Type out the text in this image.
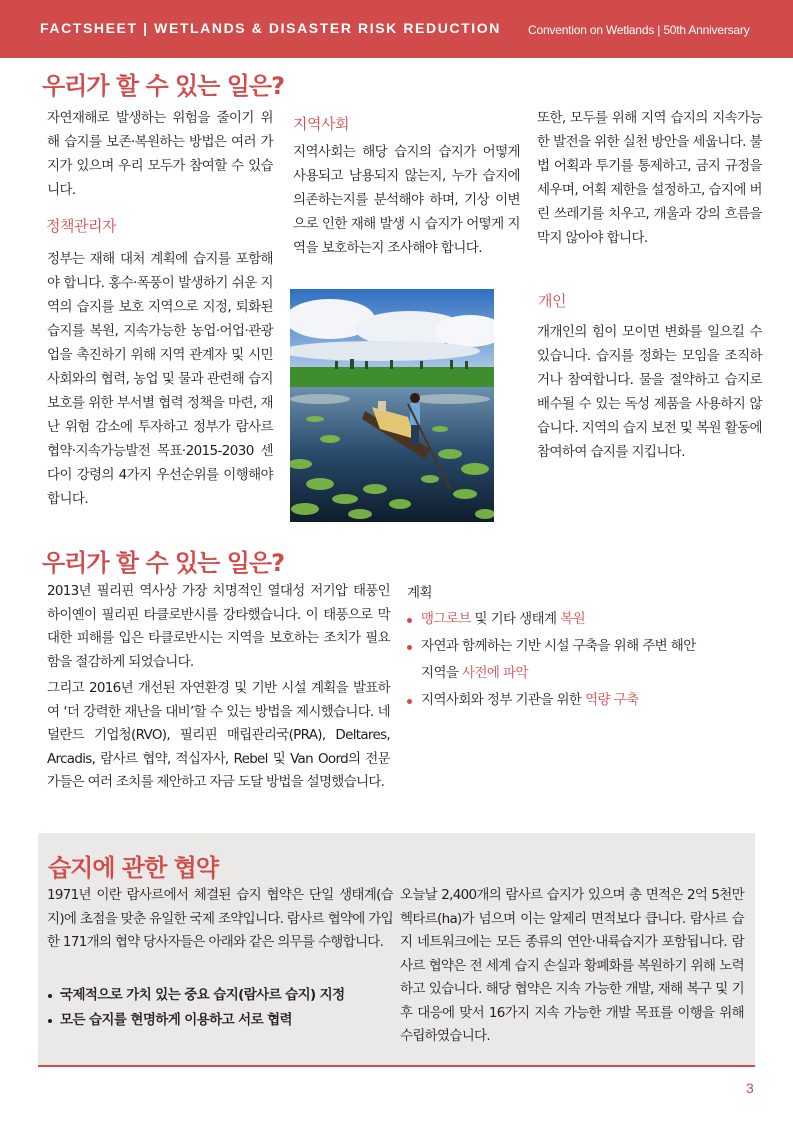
FACTSHEET | WETLANDS & DISASTER RISK REDUCTION Convention on Wetlands | 50th Anniversary
우리가 할 수 있는 일은?
자연재해로 발생하는 위험을 줄이기 위해 습지를 보존·복원하는 방법은 여러 가지가 있으며 우리 모두가 참여할 수 있습니다.
정책관리자
정부는 재해 대처 계획에 습지를 포함해야 합니다. 홍수·폭풍이 발생하기 쉬운 지역의 습지를 보호 지역으로 지정, 퇴화된 습지를 복원, 지속가능한 농업·어업·관광업을 촉진하기 위해 지역 관계자 및 시민 사회와의 협력, 농업 및 물과 관련해 습지 보호를 위한 부서별 협력 정책을 마련, 재난 위험 감소에 투자하고 정부가 람사르 협약·지속가능발전 목표·2015-2030 센다이 강령의 4가지 우선순위를 이행해야 합니다.
지역사회
지역사회는 해당 습지의 습지가 어떻게 사용되고 남용되지 않는지, 누가 습지에 의존하는지를 분석해야 하며, 기상 이변으로 인한 재해 발생 시 습지가 어떻게 지역을 보호하는지 조사해야 합니다.
또한, 모두를 위해 지역 습지의 지속가능한 발전을 위한 실천 방안을 세웁니다. 불법 어획과 투기를 통제하고, 금지 규정을 세우며, 어획 제한을 설정하고, 습지에 버린 쓰레기를 치우고, 개울과 강의 흐름을 막지 않아야 합니다.
개인
개개인의 힘이 모이면 변화를 일으킬 수 있습니다. 습지를 정화는 모임을 조직하거나 참여합니다. 물을 절약하고 습지로 배수될 수 있는 독성 제품을 사용하지 않습니다. 지역의 습지 보전 및 복원 활동에 참여하여 습지를 지킵니다.
우리가 할 수 있는 일은?
2013년 필리핀 역사상 가장 치명적인 열대성 저기압 태풍인 하이옌이 필리핀 타클로반시를 강타했습니다. 이 태풍으로 막대한 피해를 입은 타클로반시는 지역을 보호하는 조치가 필요함을 절감하게 되었습니다.
그리고 2016년 개선된 자연환경 및 기반 시설 계획을 발표하여 ‘더 강력한 재난을 대비’할 수 있는 방법을 제시했습니다. 네덜란드 기업청(RVO), 필리핀 매립관리국(PRA), Deltares, Arcadis, 람사르 협약, 적십자사, Rebel 및 Van Oord의 전문가들은 여러 조치를 제안하고 자금 도달 방법을 설명했습니다.
계획
맹그로브 및 기타 생태계 복원
자연과 함께하는 기반 시설 구축을 위해 주변 해안
지역을 사전에 파악
지역사회와 정부 기관을 위한 역량 구축
습지에 관한 협약
1971년 이란 람사르에서 체결된 습지 협약은 단일 생태계(습지)에 초점을 맞춘 유일한 국제 조약입니다. 람사르 협약에 가입한 171개의 협약 당사자들은 아래와 같은 의무를 수행합니다.
국제적으로 가치 있는 중요 습지(람사르 습지) 지정
모든 습지를 현명하게 이용하고 서로 협력
오늘날 2,400개의 람사르 습지가 있으며 총 면적은 2억 5천만 헥타르(ha)가 넘으며 이는 알제리 면적보다 큽니다. 람사르 습지 네트워크에는 모든 종류의 연안·내륙습지가 포함됩니다. 람사르 협약은 전 세계 습지 손실과 황폐화를 복원하기 위해 노력하고 있습니다. 해당 협약은 지속 가능한 개발, 재해 복구 및 기후 대응에 맞서 16가지 지속 가능한 개발 목표를 이행을 위해 수립하였습니다.
3
